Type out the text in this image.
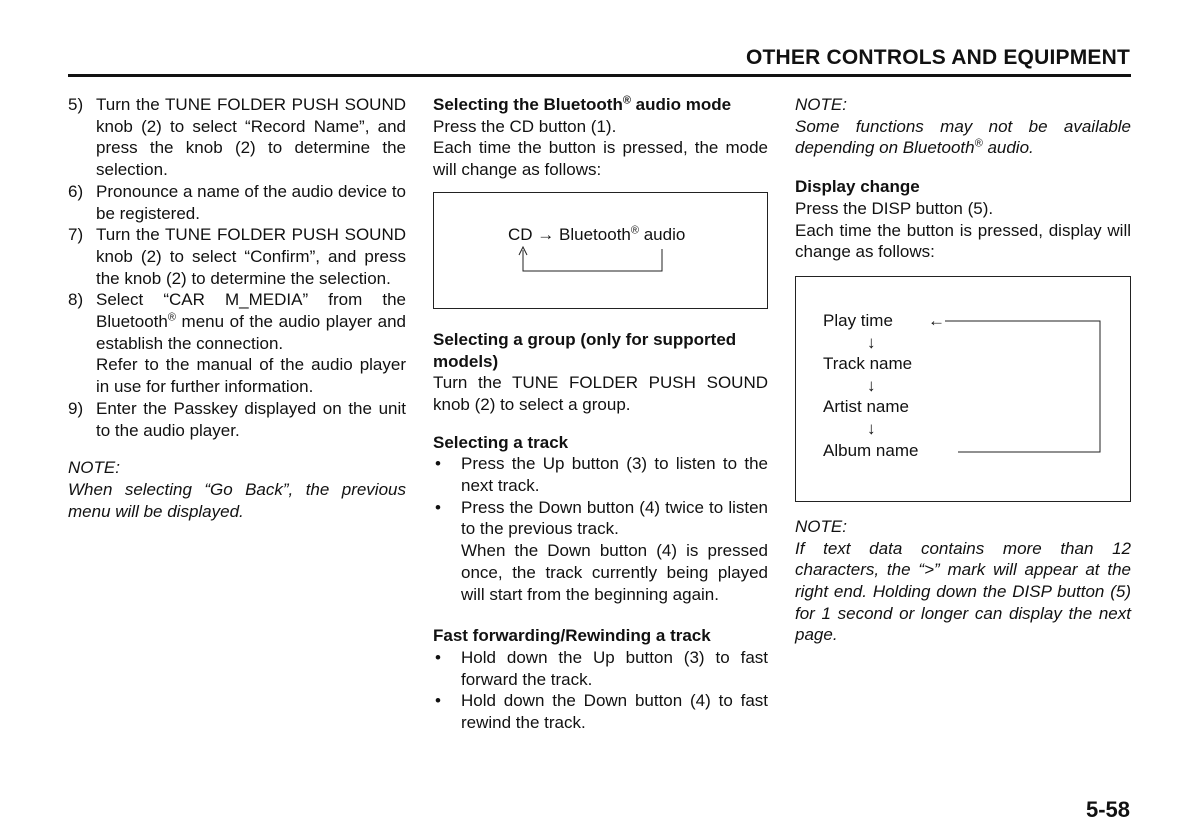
OTHER CONTROLS AND EQUIPMENT
5) Turn the TUNE FOLDER PUSH SOUND knob (2) to select “Record Name”, and press the knob (2) to determine the selection.
6) Pronounce a name of the audio device to be registered.
7) Turn the TUNE FOLDER PUSH SOUND knob (2) to select “Confirm”, and press the knob (2) to determine the selection.
8) Select “CAR M_MEDIA” from the Bluetooth® menu of the audio player and establish the connection.

Refer to the manual of the audio player in use for further information.

9) Enter the Passkey displayed on the unit to the audio player.
NOTE:
When selecting “Go Back”, the previous menu will be displayed.
Selecting the Bluetooth® audio mode

Press the CD button (1).

Each time the button is pressed, the mode will change as follows:

CD → Bluetooth® audio
Selecting a group (only for supported models)

Turn the TUNE FOLDER PUSH SOUND knob (2) to select a group.

Selecting a track
•	Press the Up button (3) to listen to the next track.
•	Press the Down button (4) twice to listen to the previous track.

When the Down button (4) is pressed once, the track currently being played will start from the beginning again.

Fast forwarding/Rewinding a track
•	Hold down the Up button (3) to fast forward the track.
•	Hold down the Down button (4) to fast rewind the track.
NOTE:
Some functions may not be available depending on Bluetooth® audio.
Display change

Press the DISP button (5).

Each time the button is pressed, display will change as follows:

Play time
↓
Track name
↓
Artist name
↓
Album name
←
NOTE:
If text data contains more than 12 characters, the “>” mark will appear at the right end. Holding down the DISP button (5) for 1 second or longer can display the next page.
5-58
